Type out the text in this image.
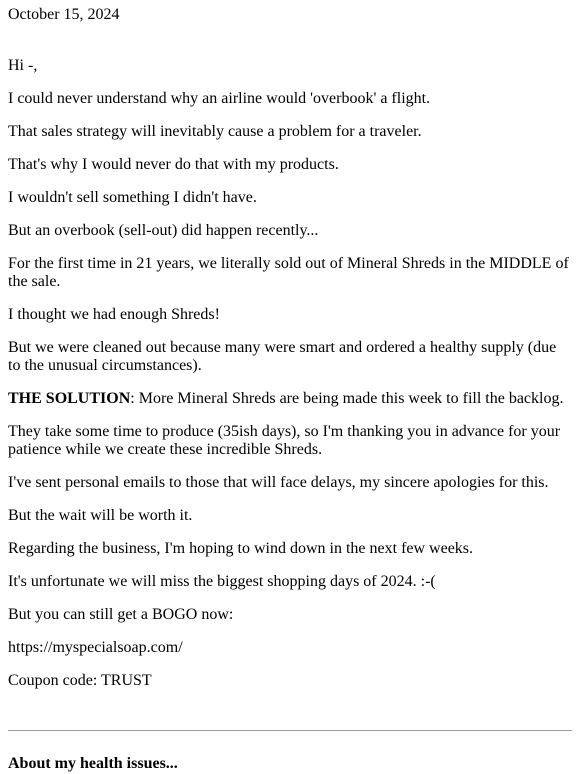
October 15, 2024

Hi -,

I could never understand why an airline would 'overbook' a flight.

That sales strategy will inevitably cause a problem for a traveler.

That's why I would never do that with my products.

I wouldn't sell something I didn't have.

But an overbook (sell-out) did happen recently...

For the first time in 21 years, we literally sold out of Mineral Shreds in the MIDDLE of the sale.

I thought we had enough Shreds!

But we were cleaned out because many were smart and ordered a healthy supply (due to the unusual circumstances).

THE SOLUTION: More Mineral Shreds are being made this week to fill the backlog.

They take some time to produce (35ish days), so I'm thanking you in advance for your patience while we create these incredible Shreds.

I've sent personal emails to those that will face delays, my sincere apologies for this.

But the wait will be worth it.

Regarding the business, I'm hoping to wind down in the next few weeks.

It's unfortunate we will miss the biggest shopping days of 2024. :-(

But you can still get a BOGO now:

https://myspecialsoap.com/

Coupon code: TRUST

About my health issues...
